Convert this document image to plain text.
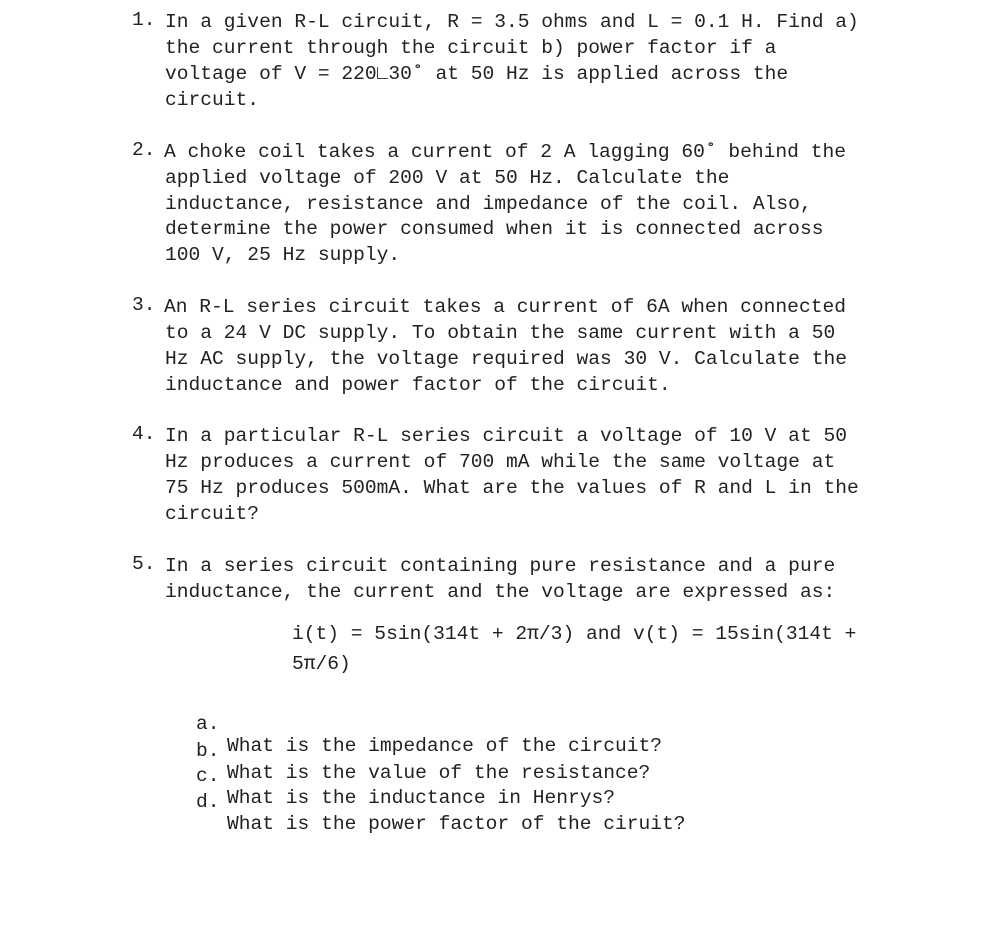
1. In a given R-L circuit, R = 3.5 ohms and L = 0.1 H. Find a)
the current through the circuit b) power factor if a
voltage of V = 220∟30˚ at 50 Hz is applied across the
circuit.
2. A choke coil takes a current of 2 A lagging 60˚ behind the
applied voltage of 200 V at 50 Hz. Calculate the
inductance, resistance and impedance of the coil. Also,
determine the power consumed when it is connected across
100 V, 25 Hz supply.
3. An R-L series circuit takes a current of 6A when connected
to a 24 V DC supply. To obtain the same current with a 50
Hz AC supply, the voltage required was 30 V. Calculate the
inductance and power factor of the circuit.
4. In a particular R-L series circuit a voltage of 10 V at 50
Hz produces a current of 700 mA while the same voltage at
75 Hz produces 500mA. What are the values of R and L in the
circuit?
5. In a series circuit containing pure resistance and a pure
inductance, the current and the voltage are expressed as:
i(t) = 5sin(314t + 2π/3) and v(t) = 15sin(314t +
5π/6)

a.

What is the impedance of the circuit?

b.

What is the value of the resistance?

c.

What is the inductance in Henrys?

d.

What is the power factor of the ciruit?
